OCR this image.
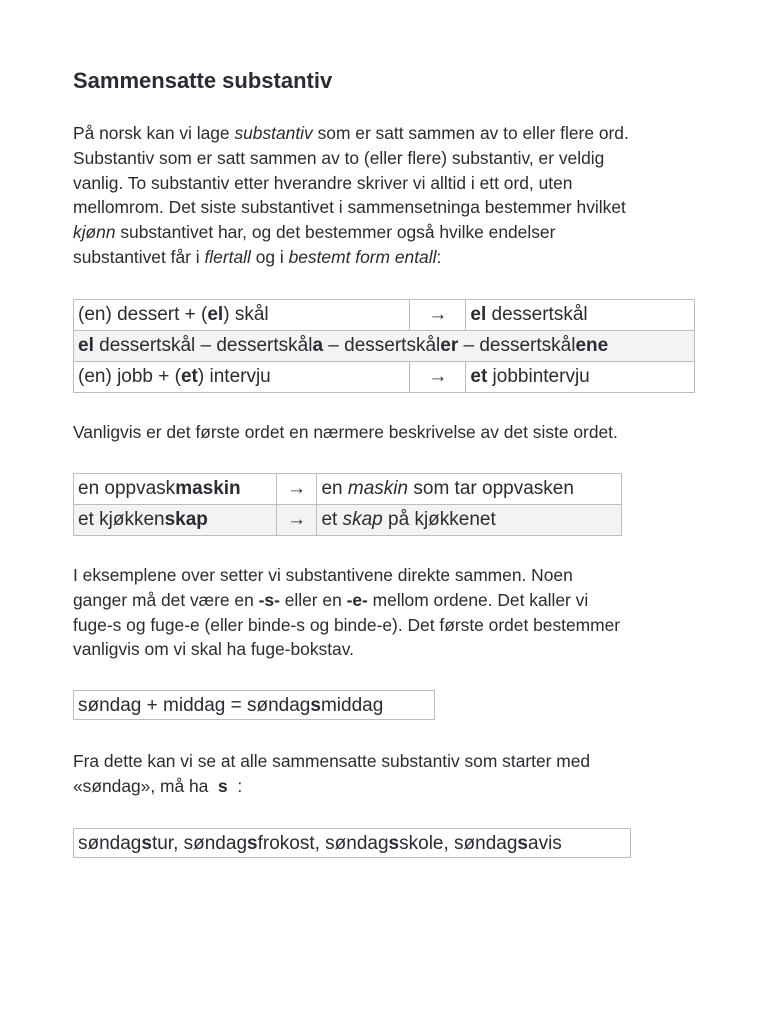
Sammensatte substantiv

På norsk kan vi lage substantiv som er satt sammen av to eller flere ord.
Substantiv som er satt sammen av to (eller flere) substantiv, er veldig
vanlig. To substantiv etter hverandre skriver vi alltid i ett ord, uten
mellomrom. Det siste substantivet i sammensetninga bestemmer hvilket
kjønn substantivet har, og det bestemmer også hvilke endelser
substantivet får i flertall og i bestemt form entall:

(en) dessert + (el) skål	→	el dessertskål
el dessertskål – dessertskåla – dessertskåler – dessertskålene		
(en) jobb + (et) intervju	→	et jobbintervju

Vanligvis er det første ordet en nærmere beskrivelse av det siste ordet.

en oppvaskmaskin	→	en maskin som tar oppvasken
et kjøkkenskap	→	et skap på kjøkkenet

I eksemplene over setter vi substantivene direkte sammen. Noen
ganger må det være en -s- eller en -e- mellom ordene. Det kaller vi
fuge-s og fuge-e (eller binde-s og binde-e). Det første ordet bestemmer
vanligvis om vi skal ha fuge-bokstav.

søndag + middag = søndagsmiddag

Fra dette kan vi se at alle sammensatte substantiv som starter med
«søndag», må ha  s  :

søndagstur, søndagsfrokost, søndagsskole, søndagsavis
